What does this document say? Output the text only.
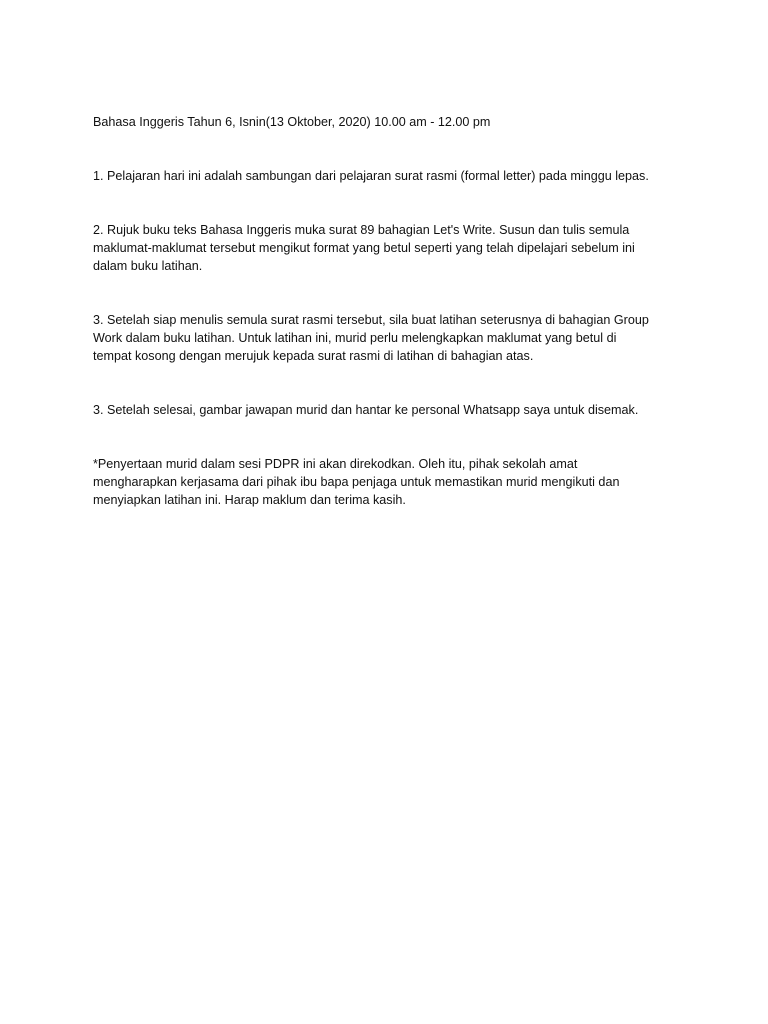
Bahasa Inggeris Tahun 6, Isnin(13 Oktober, 2020) 10.00 am - 12.00 pm
1. Pelajaran hari ini adalah sambungan dari pelajaran surat rasmi (formal letter) pada minggu lepas.
2. Rujuk buku teks Bahasa Inggeris muka surat 89 bahagian Let's Write. Susun dan tulis semula
maklumat-maklumat tersebut mengikut format yang betul seperti yang telah dipelajari sebelum ini
dalam buku latihan.
3. Setelah siap menulis semula surat rasmi tersebut, sila buat latihan seterusnya di bahagian Group
Work dalam buku latihan. Untuk latihan ini, murid perlu melengkapkan maklumat yang betul di
tempat kosong dengan merujuk kepada surat rasmi di latihan di bahagian atas.
3. Setelah selesai, gambar jawapan murid dan hantar ke personal Whatsapp saya untuk disemak.
*Penyertaan murid dalam sesi PDPR ini akan direkodkan. Oleh itu, pihak sekolah amat
mengharapkan kerjasama dari pihak ibu bapa penjaga untuk memastikan murid mengikuti dan
menyiapkan latihan ini. Harap maklum dan terima kasih.
